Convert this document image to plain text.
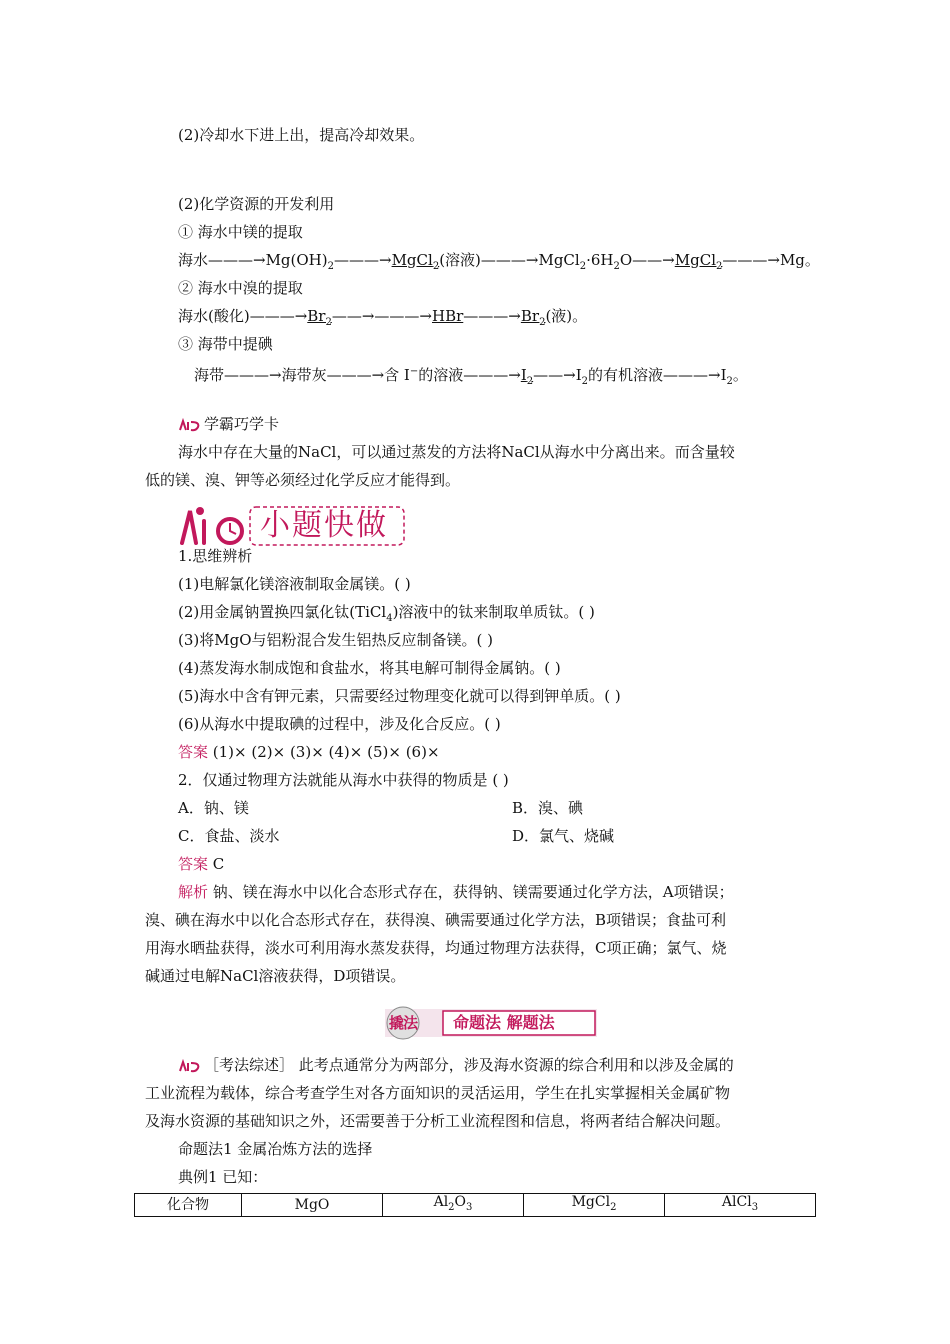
(2)冷却水下进上出，提高冷却效果。
(2)化学资源的开发利用
① 海水中镁的提取
海水$———\to Mg(OH)_2———\to MgCl_2$(溶液)$———\to MgCl_2\cdot 6H_2O——\to MgCl_2———\to Mg$。
② 海水中溴的提取
海水(酸化)$———\to Br_2——\to———\to HBr———\to Br_2$(液)。
③ 海带中提碘
海带———→海带灰———→含 I−的溶液$———\to I_2——\to I_2$的有机溶液$———\to I_2$。
学霸巧学卡
海水中存在大量的NaCl，可以通过蒸发的方法将NaCl从海水中分离出来。而含量较
低的镁、溴、钾等必须经过化学反应才能得到。
小题快做
1.思维辨析
(1)电解氯化镁溶液制取金属镁。( )
(2)用金属钠置换四氯化钛(TiCl$_4$)溶液中的钛来制取单质钛。( )
(3)将MgO与铝粉混合发生铝热反应制备镁。( )
(4)蒸发海水制成饱和食盐水，将其电解可制得金属钠。( )
(5)海水中含有钾元素，只需要经过物理变化就可以得到钾单质。( )
(6)从海水中提取碘的过程中，涉及化合反应。( )
答案 (1)× (2)× (3)× (4)× (5)× (6)×
2．仅通过物理方法就能从海水中获得的物质是 ( )
A．钠、镁	B．溴、碘
C．食盐、淡水	D．氯气、烧碱
答案 C
解析 钠、镁在海水中以化合态形式存在，获得钠、镁需要通过化学方法，A项错误；
溴、碘在海水中以化合态形式存在，获得溴、碘需要通过化学方法，B项错误；食盐可利
用海水晒盐获得，淡水可利用海水蒸发获得，均通过物理方法获得，C项正确；氯气、烧
碱通过电解NaCl溶液获得，D项错误。
撬法 命题法 解题法
［考法综述］ 此考点通常分为两部分，涉及海水资源的综合利用和以涉及金属的
工业流程为载体，综合考查学生对各方面知识的灵活运用，学生在扎实掌握相关金属矿物
及海水资源的基础知识之外，还需要善于分析工业流程图和信息，将两者结合解决问题。
命题法1 金属冶炼方法的选择
典例1 已知：
化合物	MgO	$Al_2O_3$	MgCl$_2$	AlCl$_3$
